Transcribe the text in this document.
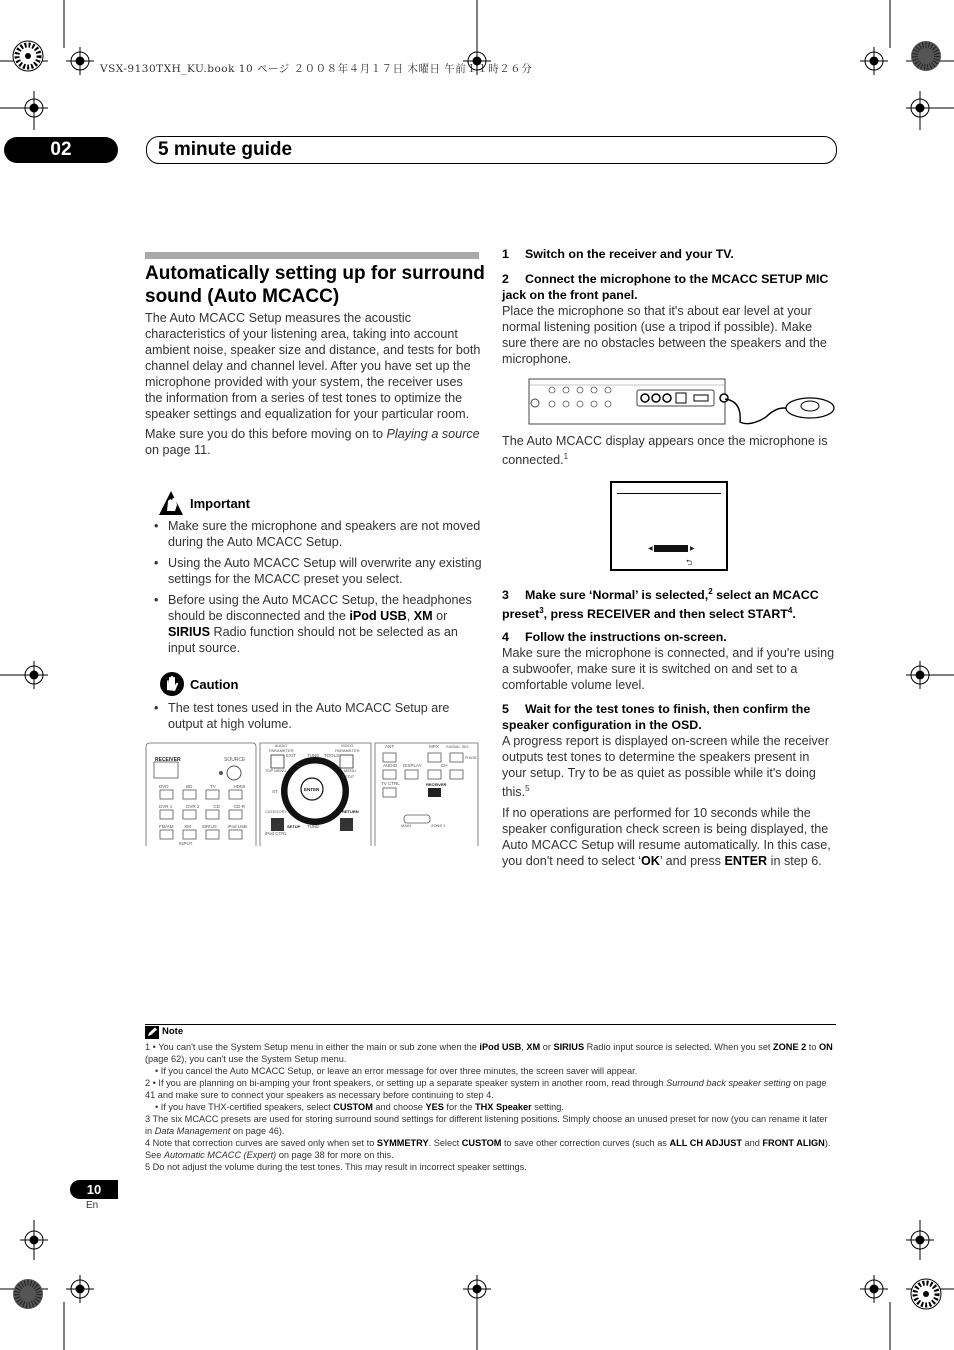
VSX-9130TXH_KU.book 10 ページ ２００８年４月１７日 木曜日 午前１１時２６分
02	5 minute guide
Automatically setting up for surround sound (Auto MCACC)

The Auto MCACC Setup measures the acoustic characteristics of your listening area, taking into account ambient noise, speaker size and distance, and tests for both channel delay and channel level. After you have set up the microphone provided with your system, the receiver uses the information from a series of test tones to optimize the speaker settings and equalization for your particular room.

Make sure you do this before moving on to Playing a source on page 11.

Important

• Make sure the microphone and speakers are not moved during the Auto MCACC Setup.

• Using the Auto MCACC Setup will overwrite any existing settings for the MCACC preset you select.

• Before using the Auto MCACC Setup, the headphones should be disconnected and the iPod USB, XM or SIRIUS Radio function should not be selected as an input source.

Caution

• The test tones used in the Auto MCACC Setup are output at high volume.

RECEIVER	SOURCE
DVD	BD	TV	HDMI
DVR 1	DVR 2	CD	CD-R
FM/AM XM SIRIUS iPod USB
INPUT
AUDIO PARAMETER
VIDEO PARAMETER
EXIT TUNE TOOLS
TOP MENU	MENU
T.EDIT
ST	ENTER
CATEGORY	RETURN
SETUP TUNE
iPod CTRL
ANT	MPX SIGNAL SEL
PHASE
AUDIO DISPLAY	CH
TV CTRL	RECEIVER
MAIN	ZONE 2
1 Switch on the receiver and your TV.

2 Connect the microphone to the MCACC SETUP MIC jack on the front panel.

Place the microphone so that it's about ear level at your normal listening position (use a tripod if possible). Make sure there are no obstacles between the speakers and the microphone.

The Auto MCACC display appears once the microphone is connected.$^1$

◀	▶
⮌

3 Make sure ‘Normal’ is selected,$^2$ select an MCACC preset$^3$, press RECEIVER and then select START$^4$.

4 Follow the instructions on-screen.

Make sure the microphone is connected, and if you're using a subwoofer, make sure it is switched on and set to a comfortable volume level.

5 Wait for the test tones to finish, then confirm the speaker configuration in the OSD.

A progress report is displayed on-screen while the receiver outputs test tones to determine the speakers present in your setup. Try to be as quiet as possible while it's doing this.$^5$

If no operations are performed for 10 seconds while the speaker configuration check screen is being displayed, the Auto MCACC Setup will resume automatically. In this case, you don't need to select ‘OK’ and press ENTER in step 6.

Note

1 • You can't use the System Setup menu in either the main or sub zone when the iPod USB, XM or SIRIUS Radio input source is selected. When you set ZONE 2 to ON (page 62), you can't use the System Setup menu.

• If you cancel the Auto MCACC Setup, or leave an error message for over three minutes, the screen saver will appear.

2 • If you are planning on bi-amping your front speakers, or setting up a separate speaker system in another room, read through Surround back speaker setting on page 41 and make sure to connect your speakers as necessary before continuing to step 4.

• If you have THX-certified speakers, select CUSTOM and choose YES for the THX Speaker setting.

3 The six MCACC presets are used for storing surround sound settings for different listening positions. Simply choose an unused preset for now (you can rename it later in Data Management on page 46).

4 Note that correction curves are saved only when set to SYMMETRY. Select CUSTOM to save other correction curves (such as ALL CH ADJUST and FRONT ALIGN). See Automatic MCACC (Expert) on page 38 for more on this.

5 Do not adjust the volume during the test tones. This may result in incorrect speaker settings.

10
En
